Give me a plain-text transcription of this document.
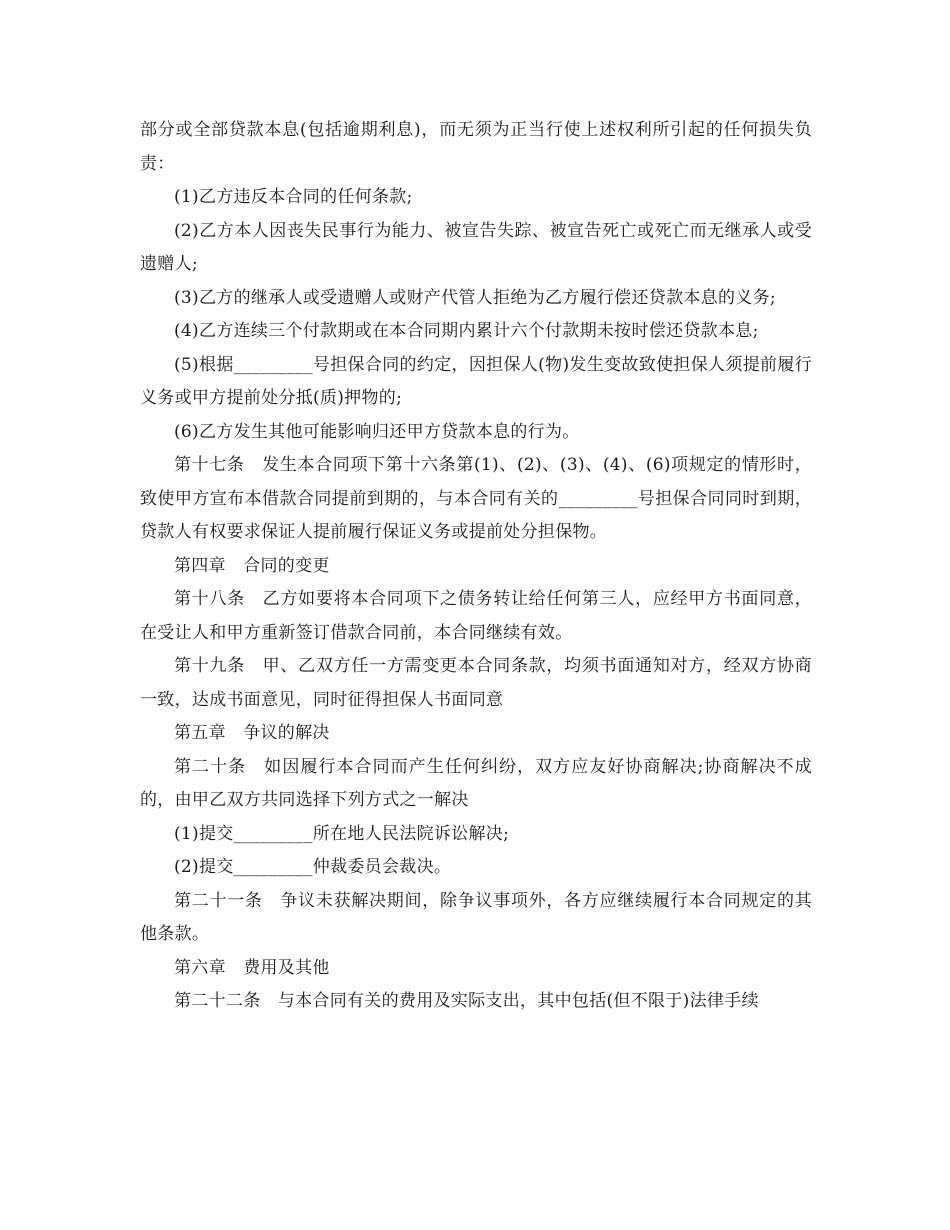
部分或全部贷款本息(包括逾期利息)，而无须为正当行使上述权利所引起的任何损失负责：

(1)乙方违反本合同的任何条款;

(2)乙方本人因丧失民事行为能力、被宣告失踪、被宣告死亡或死亡而无继承人或受遗赠人;

(3)乙方的继承人或受遗赠人或财产代管人拒绝为乙方履行偿还贷款本息的义务;

(4)乙方连续三个付款期或在本合同期内累计六个付款期未按时偿还贷款本息;

(5)根据_________号担保合同的约定，因担保人(物)发生变故致使担保人须提前履行义务或甲方提前处分抵(质)押物的;

(6)乙方发生其他可能影响归还甲方贷款本息的行为。

第十七条　发生本合同项下第十六条第(1)、(2)、(3)、(4)、(6)项规定的情形时，致使甲方宣布本借款合同提前到期的，与本合同有关的_________号担保合同同时到期，贷款人有权要求保证人提前履行保证义务或提前处分担保物。

第四章　合同的变更

第十八条　乙方如要将本合同项下之债务转让给任何第三人，应经甲方书面同意，在受让人和甲方重新签订借款合同前，本合同继续有效。

第十九条　甲、乙双方任一方需变更本合同条款，均须书面通知对方，经双方协商一致，达成书面意见，同时征得担保人书面同意

第五章　争议的解决

第二十条　如因履行本合同而产生任何纠纷，双方应友好协商解决;协商解决不成的，由甲乙双方共同选择下列方式之一解决

(1)提交_________所在地人民法院诉讼解决;

(2)提交_________仲裁委员会裁决。

第二十一条　争议未获解决期间，除争议事项外，各方应继续履行本合同规定的其他条款。

第六章　费用及其他

第二十二条　与本合同有关的费用及实际支出，其中包括(但不限于)法律手续
